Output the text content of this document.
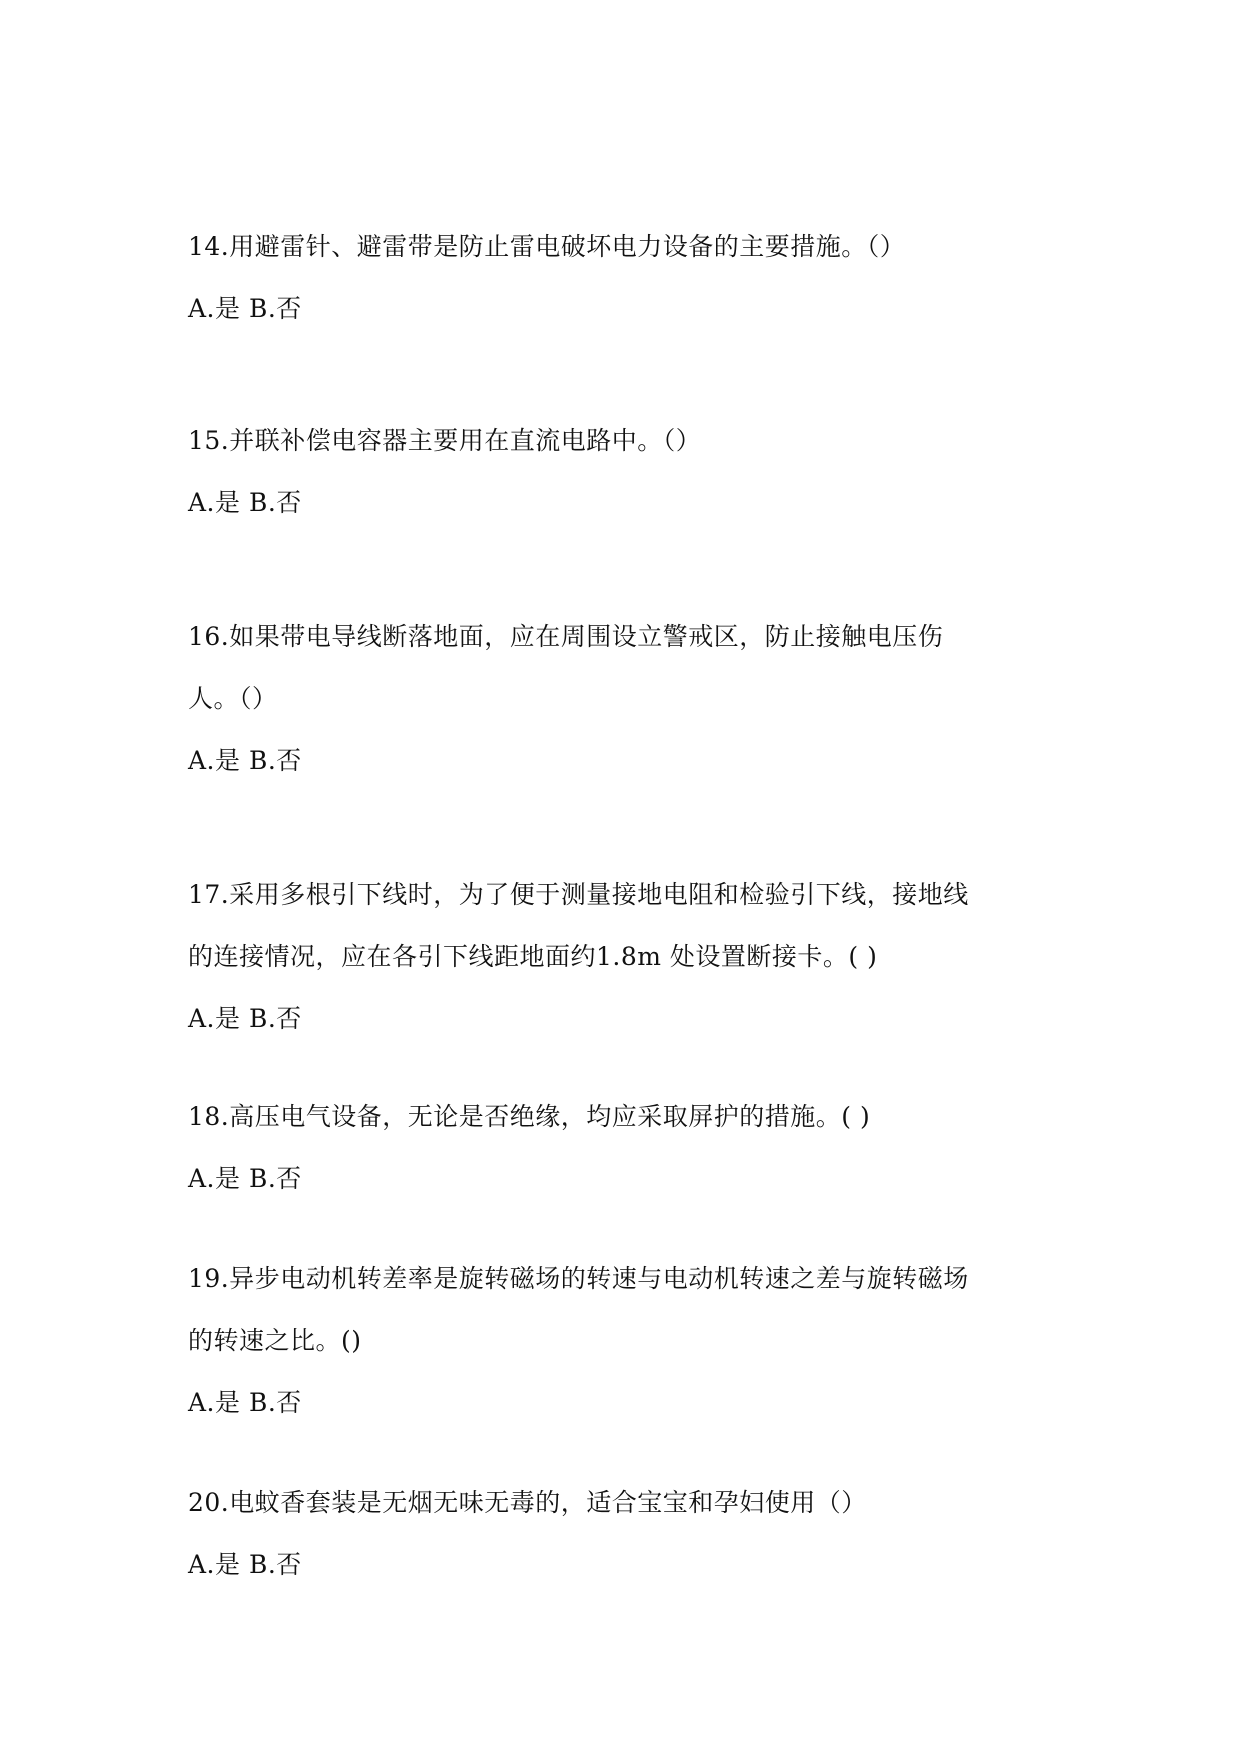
14.用避雷针、避雷带是防止雷电破坏电力设备的主要措施。（）
A.是 B.否
15.并联补偿电容器主要用在直流电路中。（）
A.是 B.否
16.如果带电导线断落地面，应在周围设立警戒区，防止接触电压伤
人。（）
A.是 B.否
17.采用多根引下线时，为了便于测量接地电阻和检验引下线，接地线
的连接情况，应在各引下线距地面约1.8m 处设置断接卡。( )
A.是 B.否
18.高压电气设备，无论是否绝缘，均应采取屏护的措施。( )
A.是 B.否
19.异步电动机转差率是旋转磁场的转速与电动机转速之差与旋转磁场
的转速之比。()
A.是 B.否
20.电蚊香套装是无烟无味无毒的，适合宝宝和孕妇使用（）
A.是 B.否
